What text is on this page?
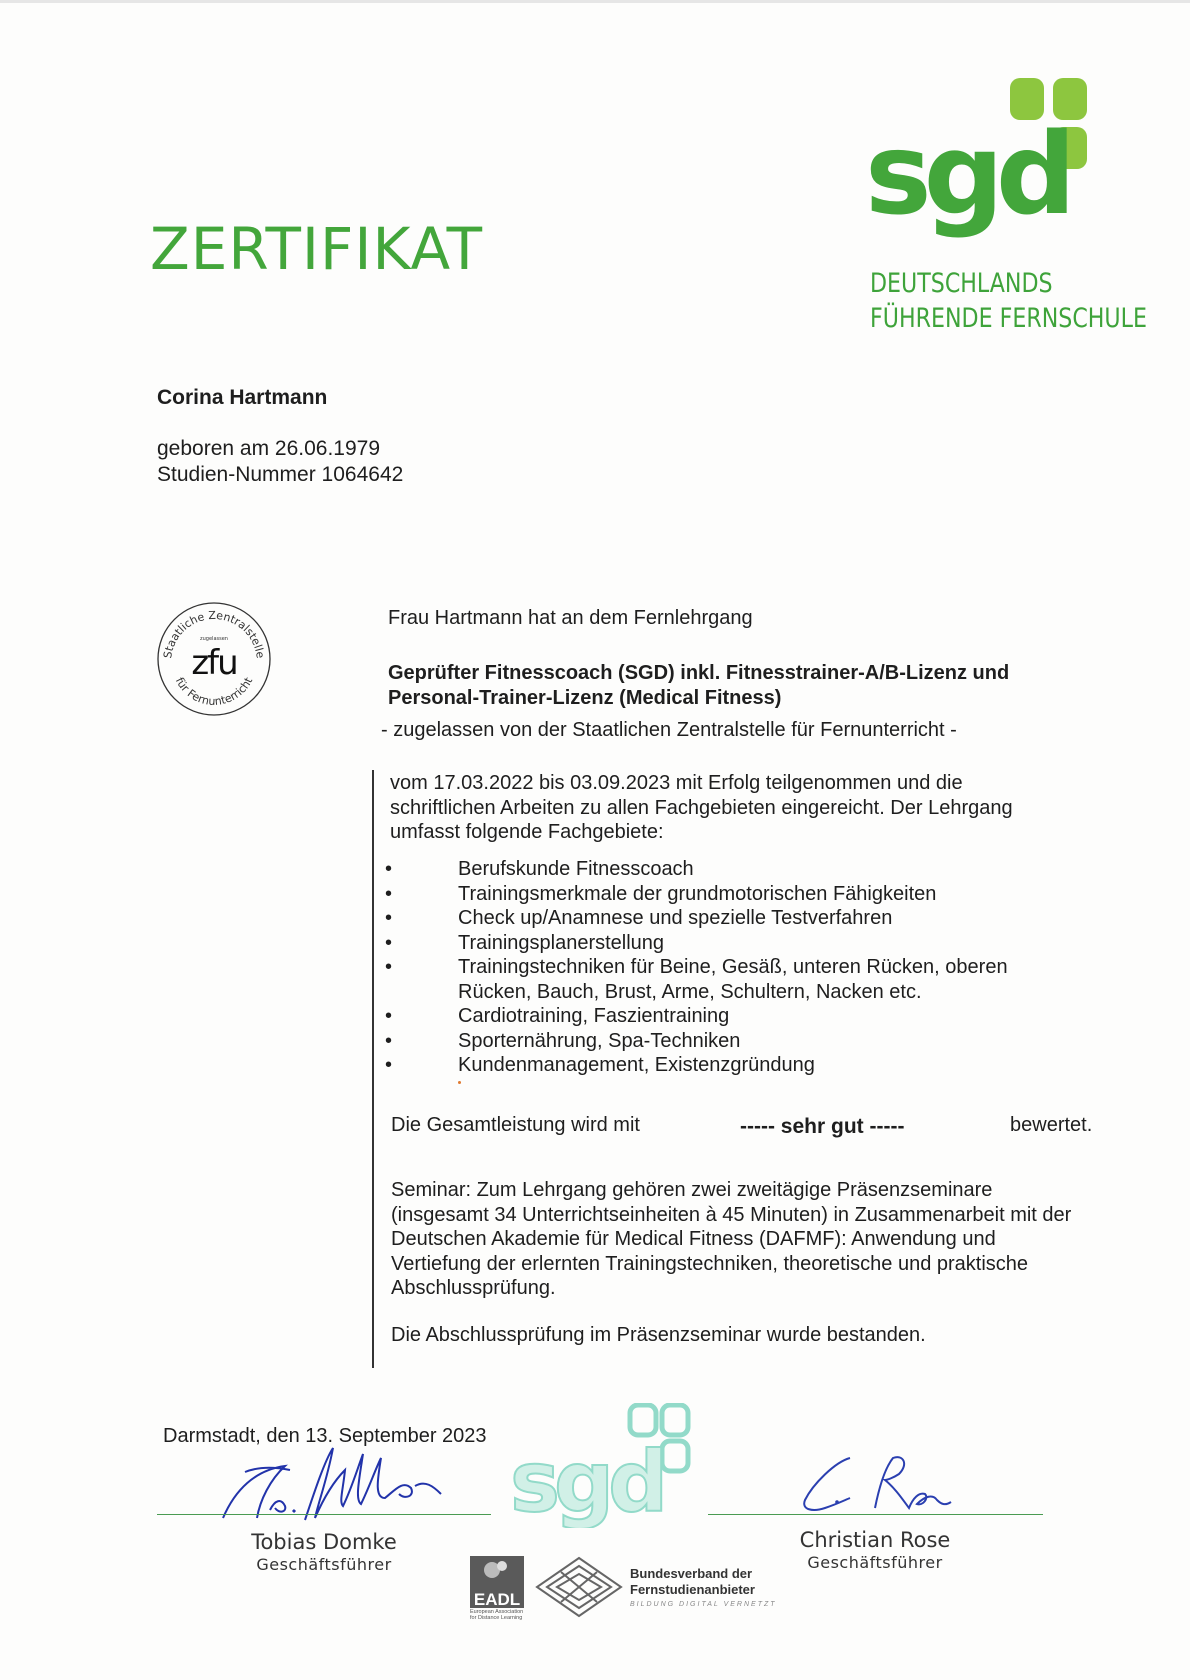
ZERTIFIKAT
sgd
DEUTSCHLANDS
FÜHRENDE FERNSCHULE
Corina Hartmann
geboren am 26.06.1979
Studien-Nummer 1064642
Staatliche Zentralstelle
für Fernunterricht
zugelassen
zfu
Frau Hartmann hat an dem Fernlehrgang
Geprüfter Fitnesscoach (SGD) inkl. Fitnesstrainer-A/B-Lizenz und
Personal-Trainer-Lizenz (Medical Fitness)
- zugelassen von der Staatlichen Zentralstelle für Fernunterricht -
vom 17.03.2022 bis 03.09.2023 mit Erfolg teilgenommen und die
schriftlichen Arbeiten zu allen Fachgebieten eingereicht. Der Lehrgang
umfasst folgende Fachgebiete:
•	Berufskunde Fitnesscoach
•	Trainingsmerkmale der grundmotorischen Fähigkeiten
•	Check up/Anamnese und spezielle Testverfahren
•	Trainingsplanerstellung
•	Trainingstechniken für Beine, Gesäß, unteren Rücken, oberen Rücken, Bauch, Brust, Arme, Schultern, Nacken etc.
•	Cardiotraining, Faszientraining
•	Sporternährung, Spa-Techniken
•	Kundenmanagement, Existenzgründung
Die Gesamtleistung wird mit	----- sehr gut -----	bewertet.
Seminar: Zum Lehrgang gehören zwei zweitägige Präsenzseminare
(insgesamt 34 Unterrichtseinheiten à 45 Minuten) in Zusammenarbeit mit der
Deutschen Akademie für Medical Fitness (DAFMF): Anwendung und
Vertiefung der erlernten Trainingstechniken, theoretische und praktische
Abschlussprüfung.
Die Abschlussprüfung im Präsenzseminar wurde bestanden.
Darmstadt, den 13. September 2023 sgd
Tobias Domke
Geschäftsführer
Christian Rose
Geschäftsführer
EADL
European Association for Distance Learning
Bundesverband der
Fernstudienanbieter
BILDUNG DIGITAL VERNETZT
